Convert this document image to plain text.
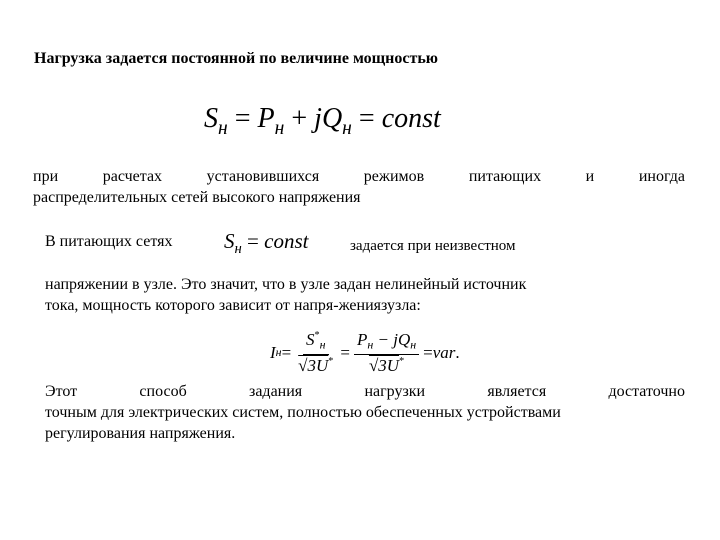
Нагрузка задается постоянной по величине мощностью
$S_н = P_н + jQ_н$ = const
при	расчетах	установившихся	режимов	питающих	и	иногда
распределительных сетей высокого напряжения
В питающих сетях $S_н$ = const	задается при неизвестном
напряжении в узле. Это значит, что в узле задан нелинейный источник
тока, мощность которого зависит от напря-жениязузла:
I $н = \frac{S^*_н}{√3U^*} = \frac{P_н - jQ_н}{√3U^*}$ = var .
Этот	способ	задания	нагрузки	является	достаточно
точным для электрических систем, полностью обеспеченных устройствами
регулирования напряжения.
